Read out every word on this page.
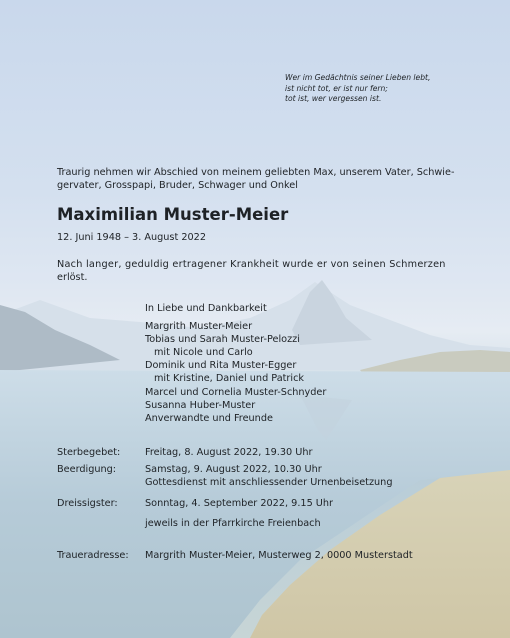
Wer im Gedächtnis seiner Lieben lebt,
ist nicht tot, er ist nur fern;
tot ist, wer vergessen ist.
Traurig nehmen wir Abschied von meinem geliebten Max, unserem Vater, Schwie-
gervater, Grosspapi, Bruder, Schwager und Onkel
Maximilian Muster-Meier
12. Juni 1948 – 3. August 2022
Nach langer, geduldig ertragener Krankheit wurde er von seinen Schmerzen
erlöst.
In Liebe und Dankbarkeit
Margrith Muster-Meier
Tobias und Sarah Muster-Pelozzi
mit Nicole und Carlo
Dominik und Rita Muster-Egger
mit Kristine, Daniel und Patrick
Marcel und Cornelia Muster-Schnyder
Susanna Huber-Muster
Anverwandte und Freunde
Sterbegebet:	Freitag, 8. August 2022, 19.30 Uhr
Beerdigung:	Samstag, 9. August 2022, 10.30 Uhr
Gottesdienst mit anschliessender Urnenbeisetzung
Dreissigster:	Sonntag, 4. September 2022, 9.15 Uhr
jeweils in der Pfarrkirche Freienbach
Traueradresse: Margrith Muster-Meier, Musterweg 2, 0000 Musterstadt
